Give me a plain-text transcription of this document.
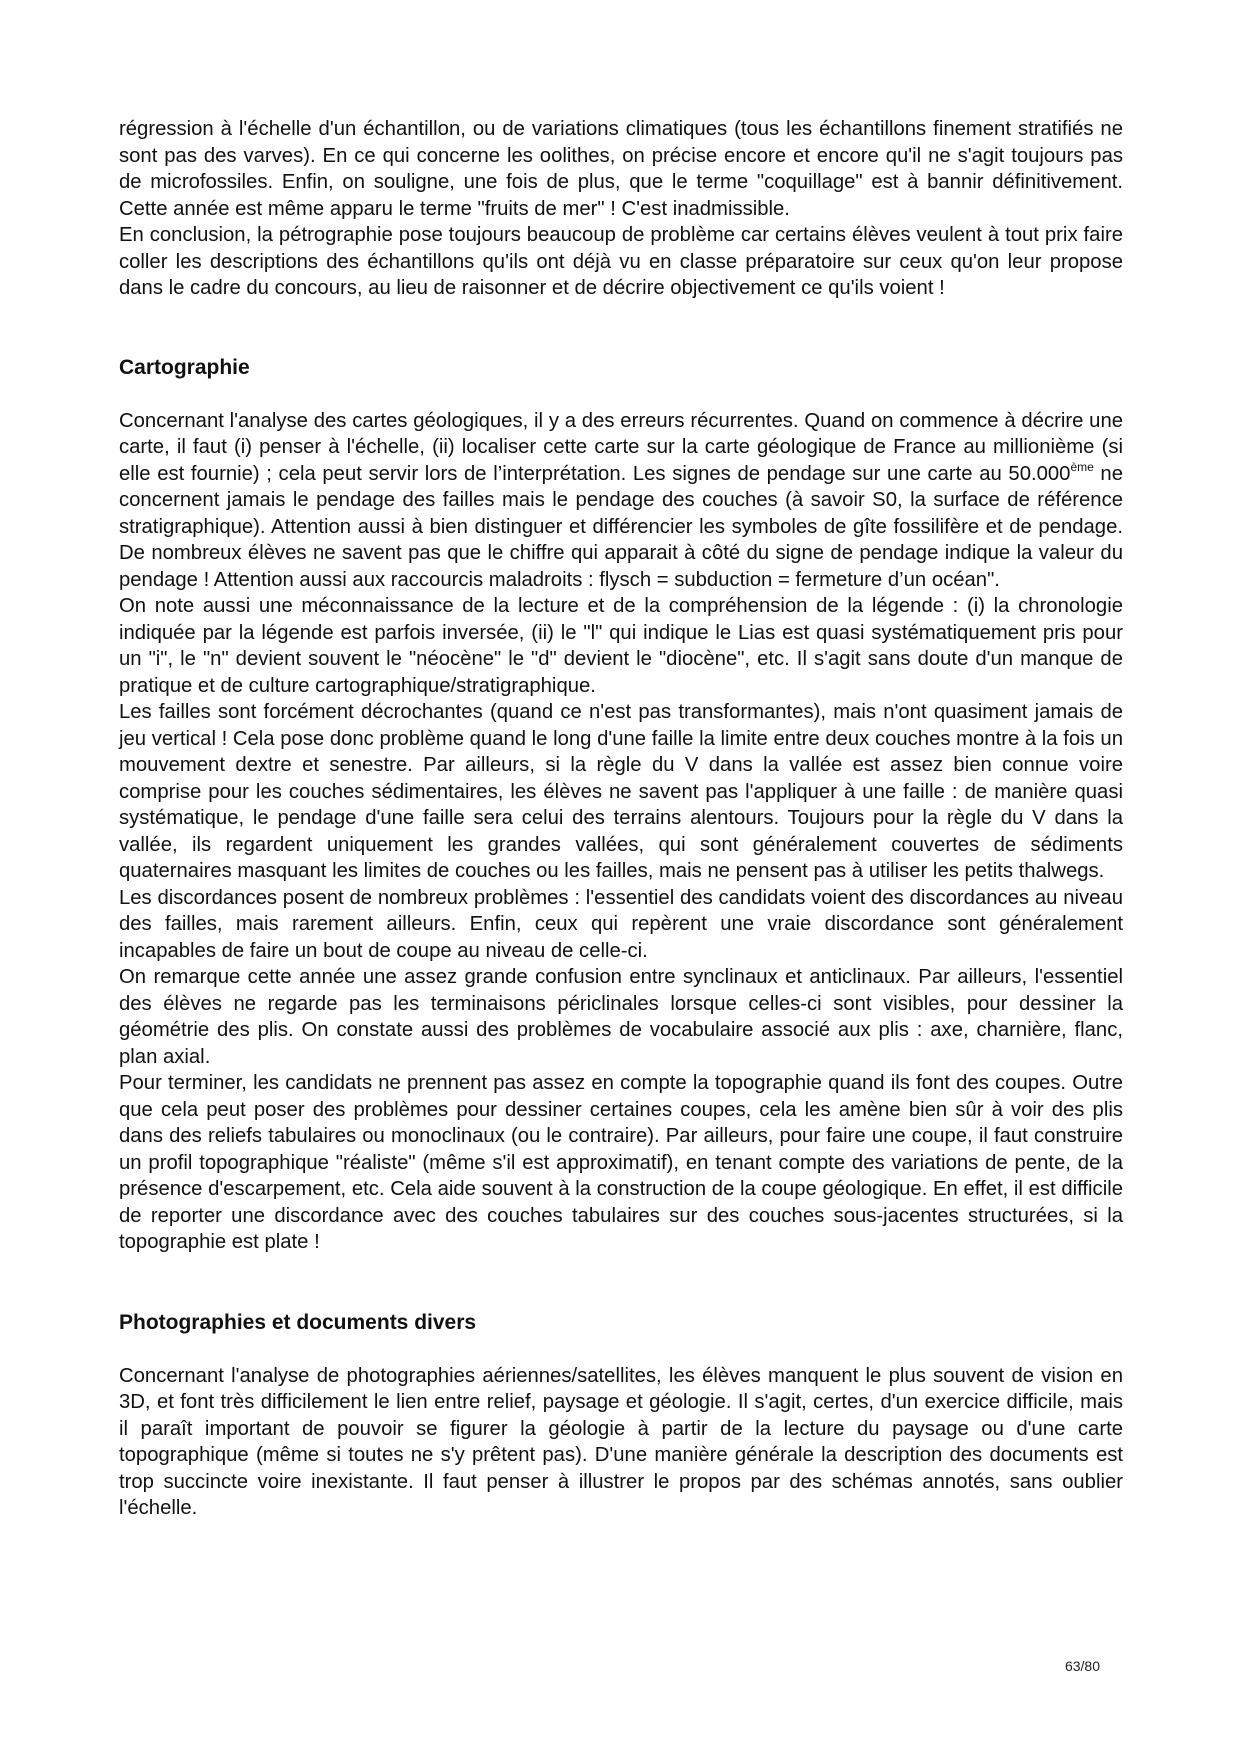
régression à l'échelle d'un échantillon, ou de variations climatiques (tous les échantillons finement stratifiés ne sont pas des varves). En ce qui concerne les oolithes, on précise encore et encore qu'il ne s'agit toujours pas de microfossiles. Enfin, on souligne, une fois de plus, que le terme "coquillage" est à bannir définitivement. Cette année est même apparu le terme "fruits de mer" ! C'est inadmissible.

En conclusion, la pétrographie pose toujours beaucoup de problème car certains élèves veulent à tout prix faire coller les descriptions des échantillons qu'ils ont déjà vu en classe préparatoire sur ceux qu'on leur propose dans le cadre du concours, au lieu de raisonner et de décrire objectivement ce qu'ils voient !

Cartographie

Concernant l'analyse des cartes géologiques, il y a des erreurs récurrentes. Quand on commence à décrire une carte, il faut (i) penser à l'échelle, (ii) localiser cette carte sur la carte géologique de France au millionième (si elle est fournie) ; cela peut servir lors de l’interprétation. Les signes de pendage sur une carte au 50.000ème ne concernent jamais le pendage des failles mais le pendage des couches (à savoir S0, la surface de référence stratigraphique). Attention aussi à bien distinguer et différencier les symboles de gîte fossilifère et de pendage. De nombreux élèves ne savent pas que le chiffre qui apparait à côté du signe de pendage indique la valeur du pendage ! Attention aussi aux raccourcis maladroits : flysch = subduction = fermeture d’un océan".

On note aussi une méconnaissance de la lecture et de la compréhension de la légende : (i) la chronologie indiquée par la légende est parfois inversée, (ii) le "l" qui indique le Lias est quasi systématiquement pris pour un "i", le "n" devient souvent le "néocène" le "d" devient le "diocène", etc. Il s'agit sans doute d'un manque de pratique et de culture cartographique/stratigraphique.

Les failles sont forcément décrochantes (quand ce n'est pas transformantes), mais n'ont quasiment jamais de jeu vertical ! Cela pose donc problème quand le long d'une faille la limite entre deux couches montre à la fois un mouvement dextre et senestre. Par ailleurs, si la règle du V dans la vallée est assez bien connue voire comprise pour les couches sédimentaires, les élèves ne savent pas l'appliquer à une faille : de manière quasi systématique, le pendage d'une faille sera celui des terrains alentours. Toujours pour la règle du V dans la vallée, ils regardent uniquement les grandes vallées, qui sont généralement couvertes de sédiments quaternaires masquant les limites de couches ou les failles, mais ne pensent pas à utiliser les petits thalwegs.

Les discordances posent de nombreux problèmes : l'essentiel des candidats voient des discordances au niveau des failles, mais rarement ailleurs. Enfin, ceux qui repèrent une vraie discordance sont généralement incapables de faire un bout de coupe au niveau de celle-ci.

On remarque cette année une assez grande confusion entre synclinaux et anticlinaux. Par ailleurs, l'essentiel des élèves ne regarde pas les terminaisons périclinales lorsque celles-ci sont visibles, pour dessiner la géométrie des plis. On constate aussi des problèmes de vocabulaire associé aux plis : axe, charnière, flanc, plan axial.

Pour terminer, les candidats ne prennent pas assez en compte la topographie quand ils font des coupes. Outre que cela peut poser des problèmes pour dessiner certaines coupes, cela les amène bien sûr à voir des plis dans des reliefs tabulaires ou monoclinaux (ou le contraire). Par ailleurs, pour faire une coupe, il faut construire un profil topographique "réaliste" (même s'il est approximatif), en tenant compte des variations de pente, de la présence d'escarpement, etc. Cela aide souvent à la construction de la coupe géologique. En effet, il est difficile de reporter une discordance avec des couches tabulaires sur des couches sous-jacentes structurées, si la topographie est plate !

Photographies et documents divers

Concernant l'analyse de photographies aériennes/satellites, les élèves manquent le plus souvent de vision en 3D, et font très difficilement le lien entre relief, paysage et géologie. Il s'agit, certes, d'un exercice difficile, mais il paraît important de pouvoir se figurer la géologie à partir de la lecture du paysage ou d'une carte topographique (même si toutes ne s'y prêtent pas). D'une manière générale la description des documents est trop succincte voire inexistante. Il faut penser à illustrer le propos par des schémas annotés, sans oublier l'échelle.

63/80
